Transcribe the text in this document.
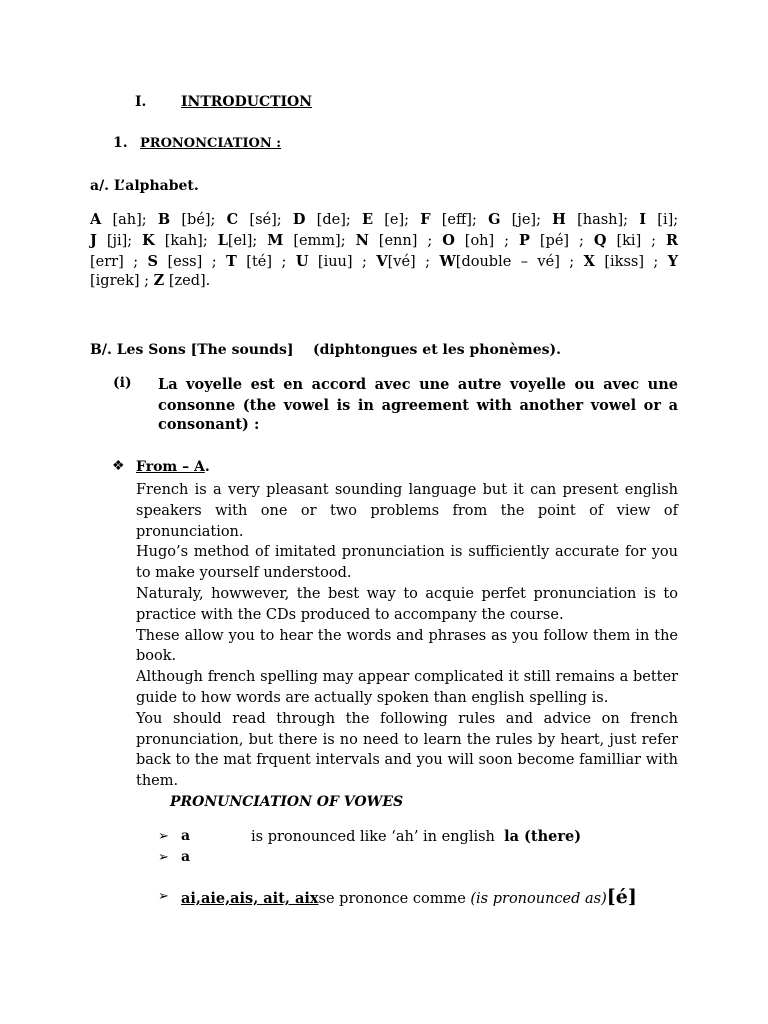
I. INTRODUCTION
1. PRONONCIATION :
a/. L’alphabet.
A [ah]; B [bé]; C [sé]; D [de]; E [e]; F [eff]; G [je]; H [hash]; I [i];
J [ji]; K [kah]; L[el]; M [emm]; N [enn] ; O [oh] ; P [pé] ; Q [ki] ; R
[err] ; S [ess] ; T [té] ; U [iuu] ; V[vé] ; W[double – vé] ; X [ikss] ; Y
[igrek] ; Z [zed].
B/. Les Sons [The sounds] (diphtongues et les phonèmes).
(i) La voyelle est en accord avec une autre voyelle ou avec une
consonne (the vowel is in agreement with another vowel or a
consonant) :
❖ From – A.

French is a very pleasant sounding language but it can present english speakers with one or two problems from the point of view of pronunciation.

Hugo’s method of imitated pronunciation is sufficiently accurate for you to make yourself understood.

Naturaly, howwever, the best way to acquie perfet pronunciation is to practice with the CDs produced to accompany the course.

These allow you to hear the words and phrases as you follow them in the book.

Although french spelling may appear complicated it still remains a better guide to how words are actually spoken than english spelling is.

You should read through the following rules and advice on french pronunciation, but there is no need to learn the rules by heart, just refer back to the mat frquent intervals and you will soon become familliar with them.

PRONUNCIATION OF VOWES
➢ a	is pronounced like ‘ah’ in english la (there)
➢ a
➢ ai,aie,ais, ait, aixse prononce comme (is pronounced as)[é]
